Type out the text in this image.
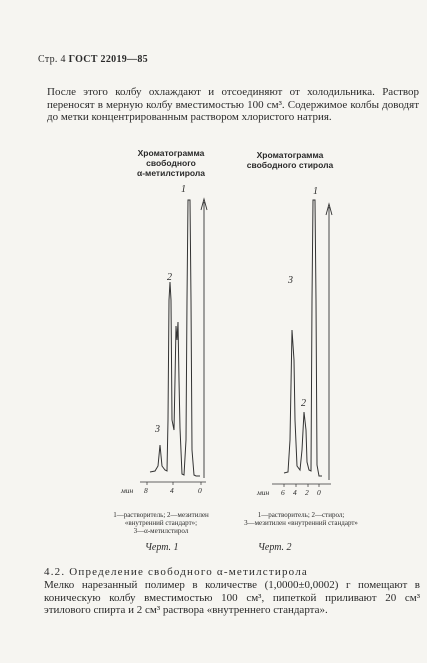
Стр. 4 ГОСТ 22019—85
После этого колбу охлаждают и отсоединяют от холодильника. Раствор переносят в мерную колбу вместимостью 100 см³. Содержимое колбы доводят до метки концентрированным раствором хлористого натрия.
Хроматограмма
свободного
α-метилстирола
Хроматограмма
свободного стирола
1
2
3
1
2
3
мин 8	4	0	мин 6 4 2 0
1—растворитель; 2—мезитилен «внутренний стандарт»;
3—α-метилстирол
1—растворитель; 2—стирол;
3—мезитилен «внутренний стандарт»
Черт. 1	Черт. 2
4.2. Определение свободного α-метилстирола
Мелко нарезанный полимер в количестве (1,0000±0,0002) г помещают в коническую колбу вместимостью 100 см³, пипеткой приливают 20 см³ этилового спирта и 2 см³ раствора «внутреннего стандарта».
